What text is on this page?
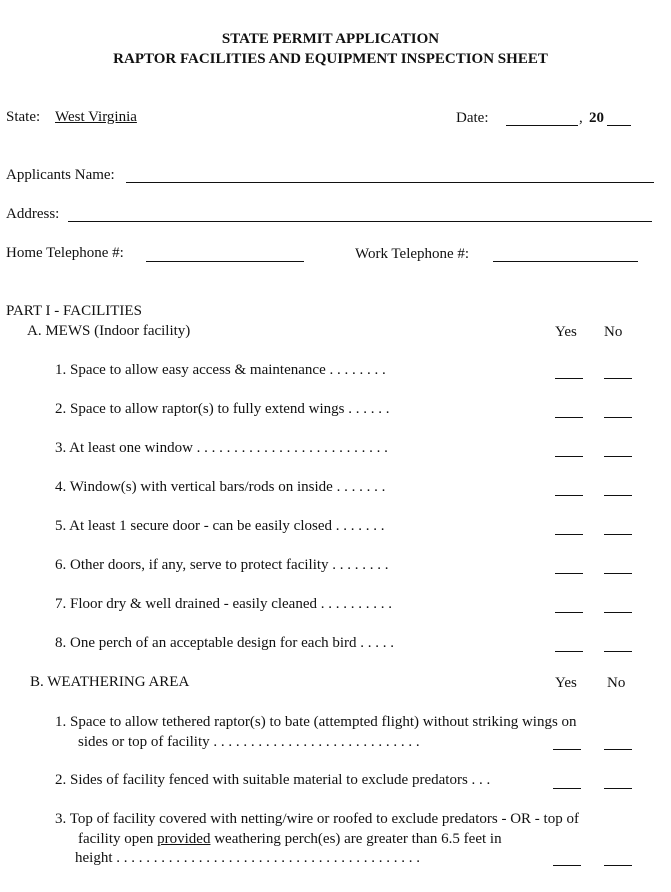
STATE PERMIT APPLICATION
RAPTOR FACILITIES AND EQUIPMENT INSPECTION SHEET
State: West Virginia	Date:	, 20
Applicants Name:
Address:
Home Telephone #:	Work Telephone #:
PART I - FACILITIES
A. MEWS (Indoor facility)	Yes No
1. Space to allow easy access & maintenance . . . . . . . .
2. Space to allow raptor(s) to fully extend wings . . . . . .
3. At least one window . . . . . . . . . . . . . . . . . . . . . . . . . .
4. Window(s) with vertical bars/rods on inside . . . . . . .
5. At least 1 secure door - can be easily closed . . . . . . .
6. Other doors, if any, serve to protect facility . . . . . . . .
7. Floor dry & well drained - easily cleaned . . . . . . . . . .
8. One perch of an acceptable design for each bird . . . . .
B. WEATHERING AREA	Yes No
1. Space to allow tethered raptor(s) to bate (attempted flight) without striking wings on
sides or top of facility . . . . . . . . . . . . . . . . . . . . . . . . . . . .
2. Sides of facility fenced with suitable material to exclude predators . . .
3. Top of facility covered with netting/wire or roofed to exclude predators - OR - top of
facility open provided weathering perch(es) are greater than 6.5 feet in
height . . . . . . . . . . . . . . . . . . . . . . . . . . . . . . . . . . . . . . . . .
